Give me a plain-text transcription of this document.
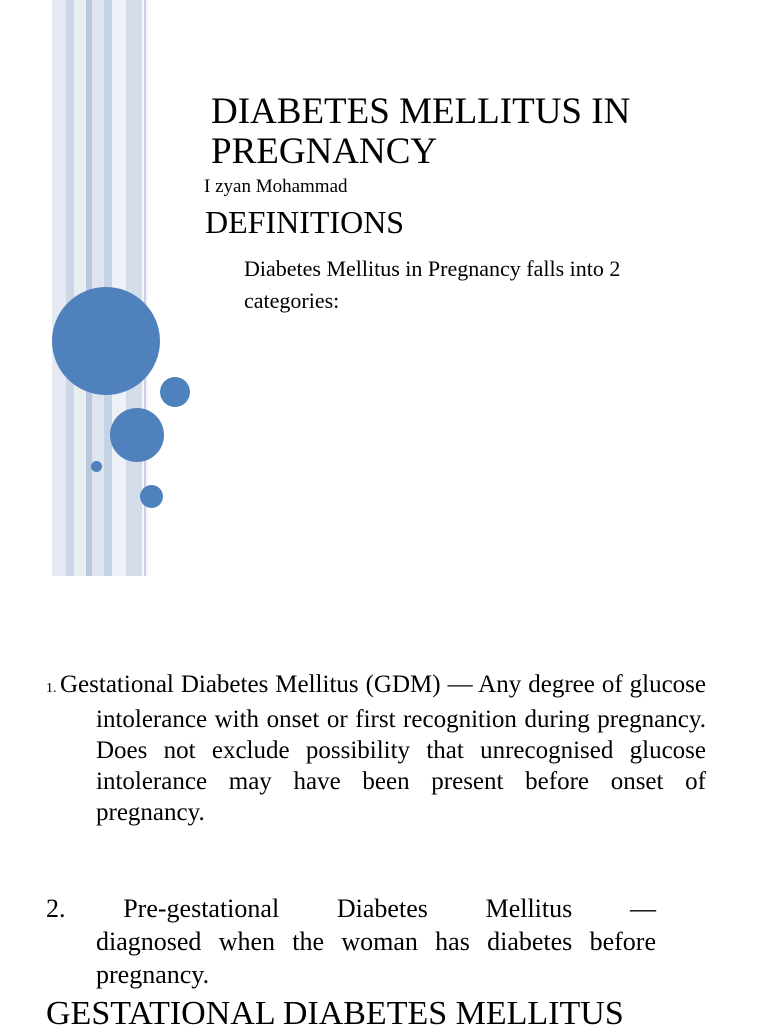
DIABETES MELLITUS IN PREGNANCY
I zyan Mohammad
DEFINITIONS

Diabetes Mellitus in Pregnancy falls into 2 categories:

1. Gestational Diabetes Mellitus (GDM) — Any degree of glucose intolerance with onset or first recognition during pregnancy. Does not exclude possibility that unrecognised glucose intolerance may have been present before onset of pregnancy.
2. Pre-gestational Diabetes Mellitus —
diagnosed when the woman has diabetes before pregnancy.
GESTATIONAL DIABETES MELLITUS
